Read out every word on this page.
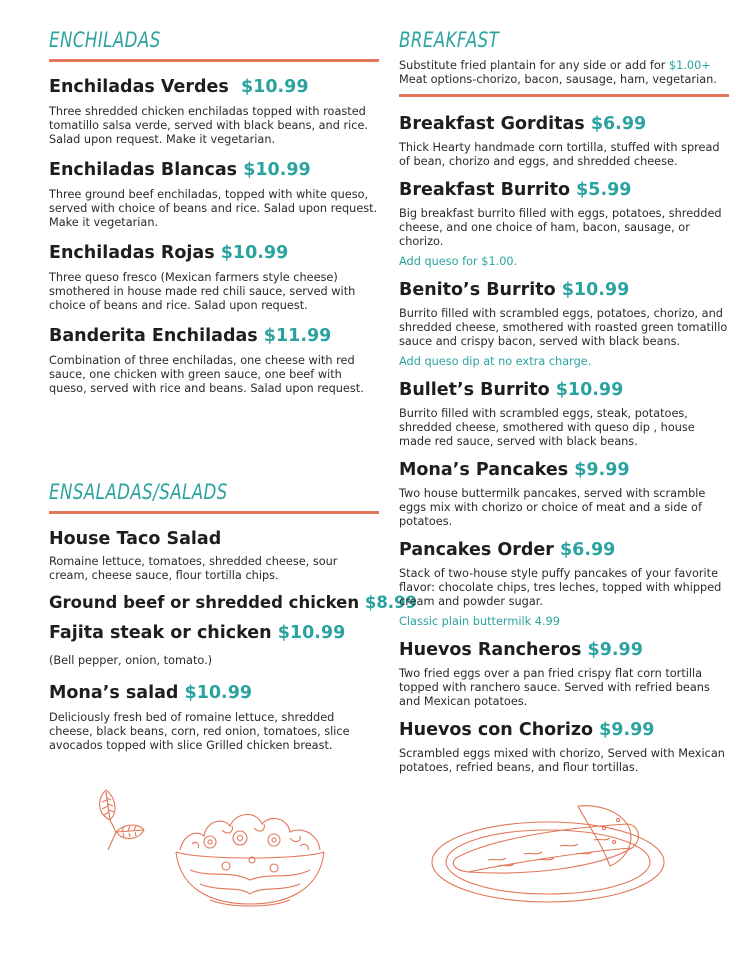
ENCHILADAS
Enchiladas Verdes $10.99
Three shredded chicken enchiladas topped with roasted tomatillo salsa verde, served with black beans, and rice. Salad upon request. Make it vegetarian.
Enchiladas Blancas $10.99
Three ground beef enchiladas, topped with white queso, served with choice of beans and rice. Salad upon request. Make it vegetarian.
Enchiladas Rojas $10.99
Three queso fresco (Mexican farmers style cheese) smothered in house made red chili sauce, served with choice of beans and rice. Salad upon request.
Banderita Enchiladas $11.99
Combination of three enchiladas, one cheese with red sauce, one chicken with green sauce, one beef with queso, served with rice and beans. Salad upon request.
ENSALADAS/SALADS
House Taco Salad
Romaine lettuce, tomatoes, shredded cheese, sour cream, cheese sauce, flour tortilla chips.
Ground beef or shredded chicken $8.99
Fajita steak or chicken $10.99
(Bell pepper, onion, tomato.)
Mona’s salad $10.99
Deliciously fresh bed of romaine lettuce, shredded cheese, black beans, corn, red onion, tomatoes, slice avocados topped with slice Grilled chicken breast.
BREAKFAST
Substitute fried plantain for any side or add for $1.00+
Meat options-chorizo, bacon, sausage, ham, vegetarian.
Breakfast Gorditas $6.99
Thick Hearty handmade corn tortilla, stuffed with spread of bean, chorizo and eggs, and shredded cheese.
Breakfast Burrito $5.99
Big breakfast burrito filled with eggs, potatoes, shredded cheese, and one choice of ham, bacon, sausage, or chorizo.
Add queso for $1.00.
Benito’s Burrito $10.99
Burrito filled with scrambled eggs, potatoes, chorizo, and shredded cheese, smothered with roasted green tomatillo sauce and crispy bacon, served with black beans.
Add queso dip at no extra charge.
Bullet’s Burrito $10.99
Burrito filled with scrambled eggs, steak, potatoes, shredded cheese, smothered with queso dip , house made red sauce, served with black beans.
Mona’s Pancakes $9.99
Two house buttermilk pancakes, served with scramble eggs mix with chorizo or choice of meat and a side of potatoes.
Pancakes Order $6.99
Stack of two-house style puffy pancakes of your favorite flavor: chocolate chips, tres leches, topped with whipped cream and powder sugar.
Classic plain buttermilk 4.99
Huevos Rancheros $9.99
Two fried eggs over a pan fried crispy flat corn tortilla topped with ranchero sauce. Served with refried beans and Mexican potatoes.
Huevos con Chorizo $9.99
Scrambled eggs mixed with chorizo, Served with Mexican potatoes, refried beans, and flour tortillas.
